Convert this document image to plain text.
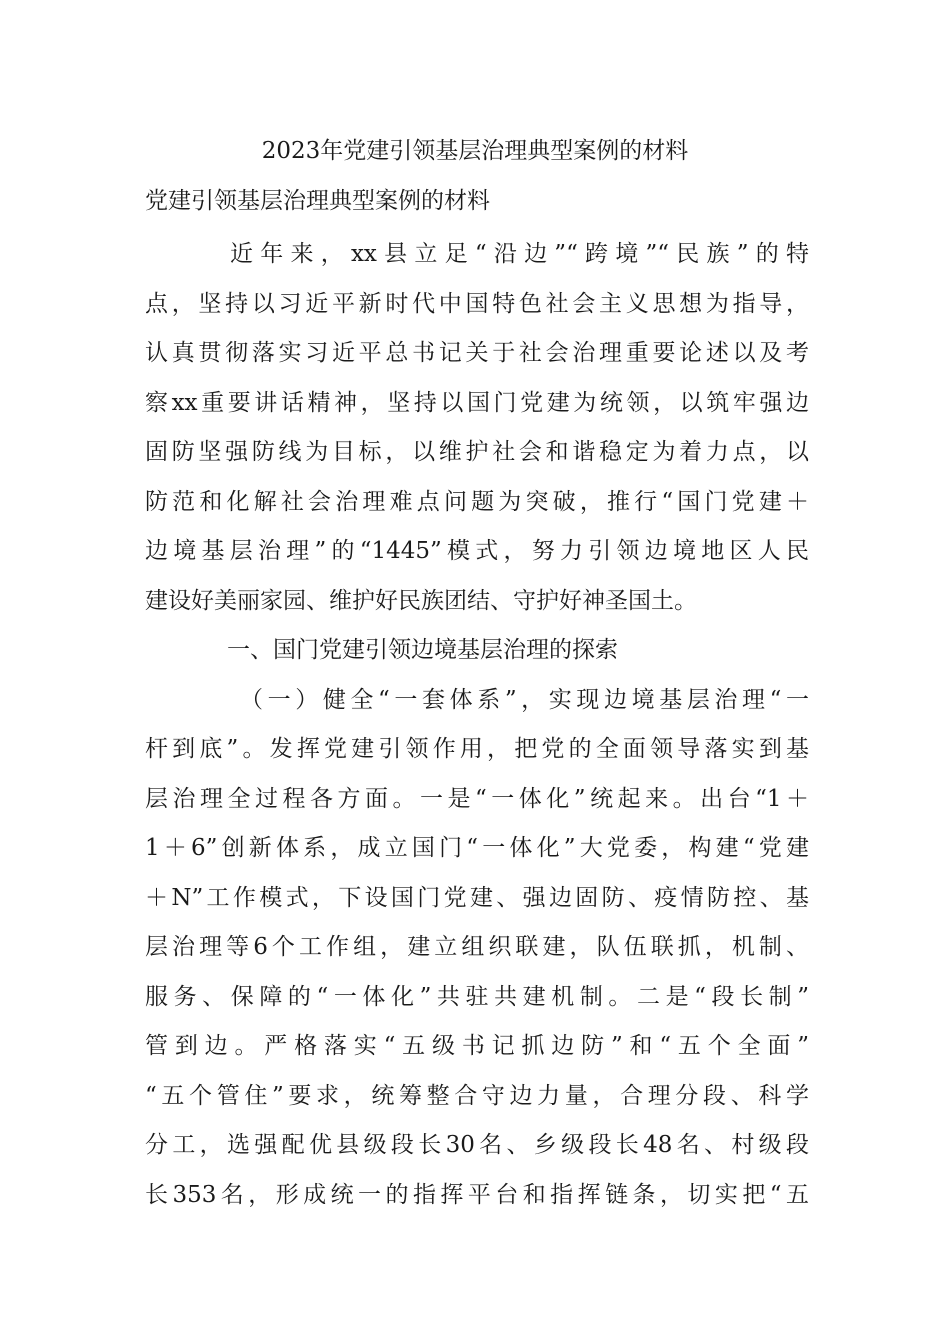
2023年党建引领基层治理典型案例的材料
党建引领基层治理典型案例的材料
近年来，xx县立足“沿边”“跨境”“民族”的特
点，坚持以习近平新时代中国特色社会主义思想为指导，
认真贯彻落实习近平总书记关于社会治理重要论述以及考
察xx重要讲话精神，坚持以国门党建为统领，以筑牢强边
固防坚强防线为目标，以维护社会和谐稳定为着力点，以
防范和化解社会治理难点问题为突破，推行“国门党建＋
边境基层治理”的“1445”模式，努力引领边境地区人民
建设好美丽家园、维护好民族团结、守护好神圣国土。
一、国门党建引领边境基层治理的探索
（一）健全“一套体系”，实现边境基层治理“一
杆到底”。发挥党建引领作用，把党的全面领导落实到基
层治理全过程各方面。一是“一体化”统起来。出台“1＋
1＋6”创新体系，成立国门“一体化”大党委，构建“党建
＋N”工作模式，下设国门党建、强边固防、疫情防控、基
层治理等6个工作组，建立组织联建，队伍联抓，机制、
服务、保障的“一体化”共驻共建机制。二是“段长制”
管到边。严格落实“五级书记抓边防”和“五个全面”
“五个管住”要求，统筹整合守边力量，合理分段、科学
分工，选强配优县级段长30名、乡级段长48名、村级段
长353名，形成统一的指挥平台和指挥链条，切实把“五
